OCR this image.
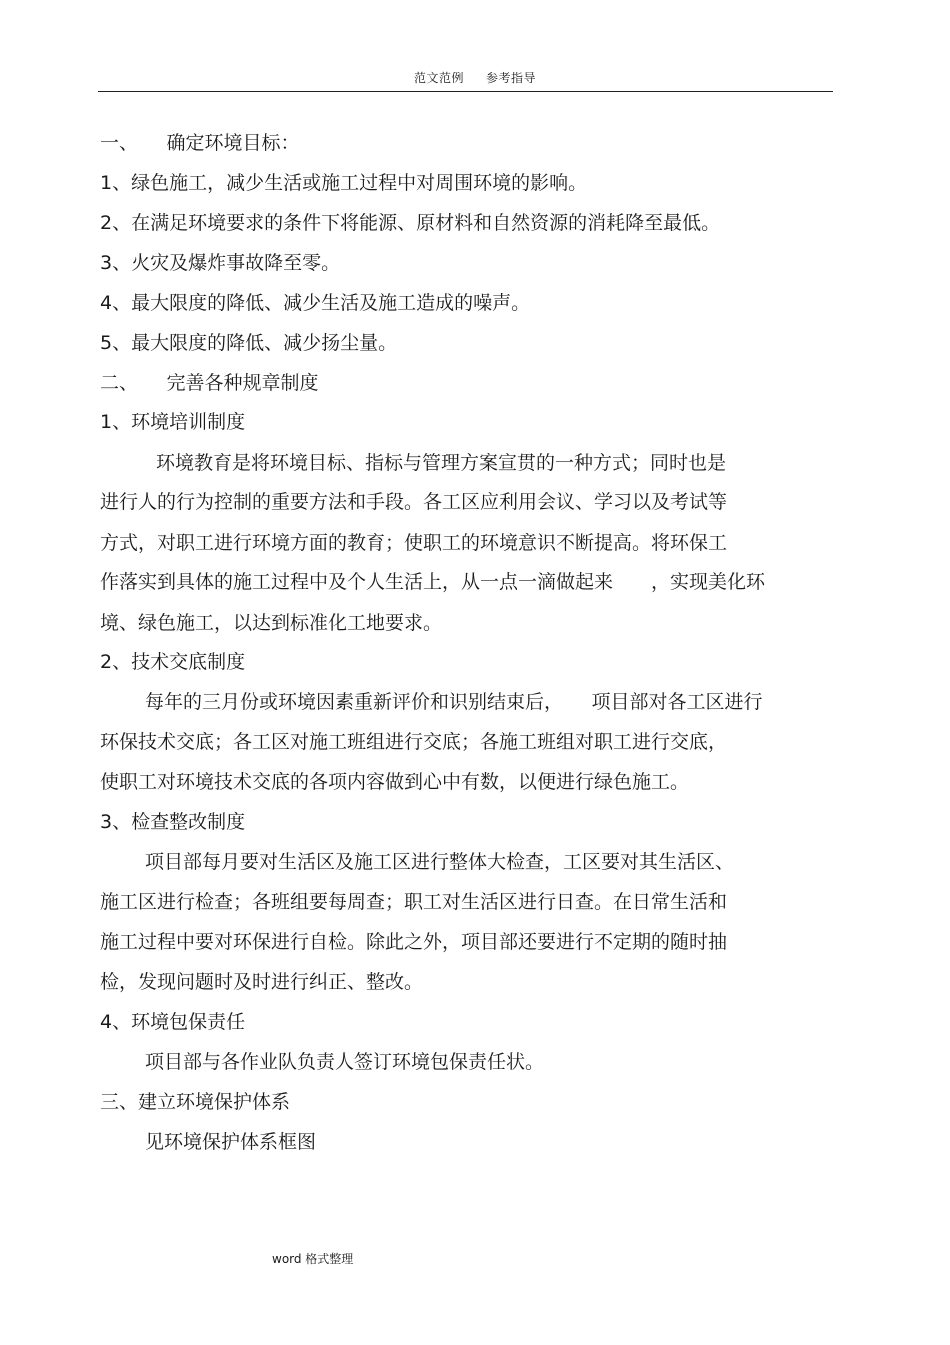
范文范例 参考指导
一、　　确定环境目标：
1、绿色施工，减少生活或施工过程中对周围环境的影响。
2、在满足环境要求的条件下将能源、原材料和自然资源的消耗降至最低。
3、火灾及爆炸事故降至零。
4、最大限度的降低、减少生活及施工造成的噪声。
5、最大限度的降低、减少扬尘量。
二、　　完善各种规章制度
1、环境培训制度
环境教育是将环境目标、指标与管理方案宣贯的一种方式；同时也是
进行人的行为控制的重要方法和手段。各工区应利用会议、学习以及考试等
方式，对职工进行环境方面的教育；使职工的环境意识不断提高。将环保工
作落实到具体的施工过程中及个人生活上，从一点一滴做起来　　，实现美化环
境、绿色施工，以达到标准化工地要求。
2、技术交底制度
每年的三月份或环境因素重新评价和识别结束后，　　项目部对各工区进行
环保技术交底；各工区对施工班组进行交底；各施工班组对职工进行交底，
使职工对环境技术交底的各项内容做到心中有数，以便进行绿色施工。
3、检查整改制度
项目部每月要对生活区及施工区进行整体大检查，工区要对其生活区、
施工区进行检查；各班组要每周查；职工对生活区进行日查。在日常生活和
施工过程中要对环保进行自检。除此之外，项目部还要进行不定期的随时抽
检，发现问题时及时进行纠正、整改。
4、环境包保责任
项目部与各作业队负责人签订环境包保责任状。
三、建立环境保护体系
见环境保护体系框图
word 格式整理
